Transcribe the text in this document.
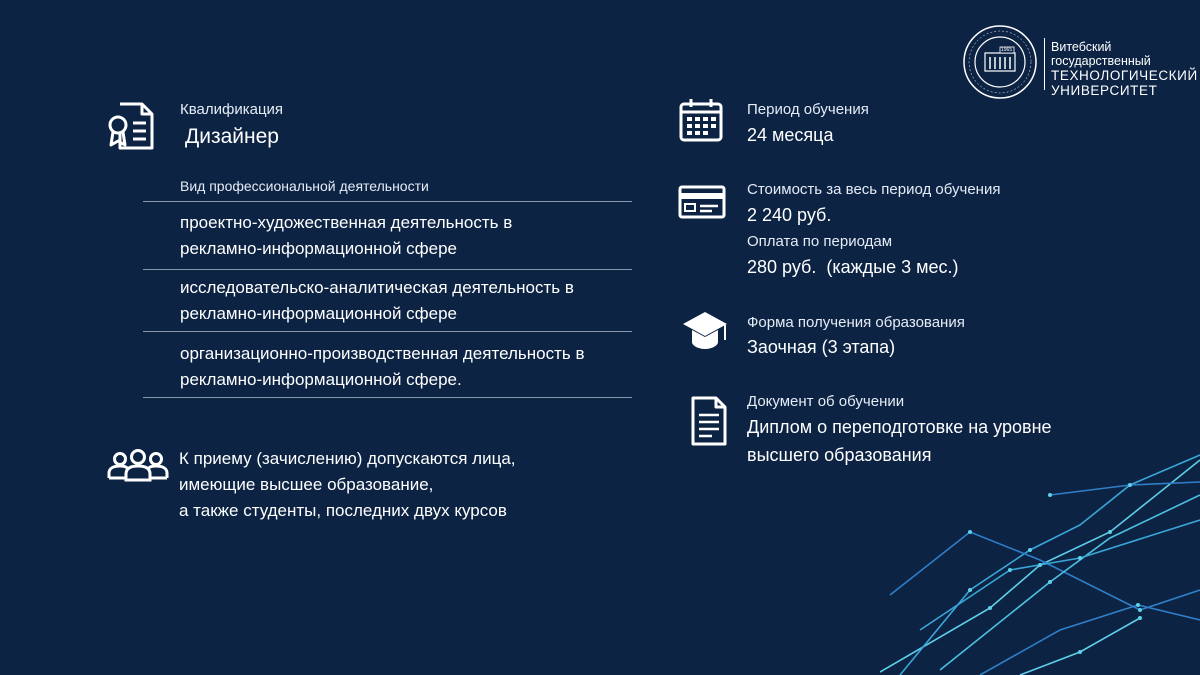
1965	Витебский государственный
ТЕХНОЛОГИЧЕСКИЙ
УНИВЕРСИТЕТ
Квалификация
Дизайнер
Вид профессиональной деятельности
проектно-художественная деятельность в
рекламно-информационной сфере
исследовательско-аналитическая деятельность в
рекламно-информационной сфере
организационно-производственная деятельность в
рекламно-информационной сфере.
К приему (зачислению) допускаются лица,
имеющие высшее образование,
а также студенты, последних двух курсов
Период обучения
24 месяца
Стоимость за весь период обучения
2 240 руб.
Оплата по периодам
280 руб.  (каждые 3 мес.)
Форма получения образования
Заочная (3 этапа)
Документ об обучении
Диплом о переподготовке на уровне
высшего образования
